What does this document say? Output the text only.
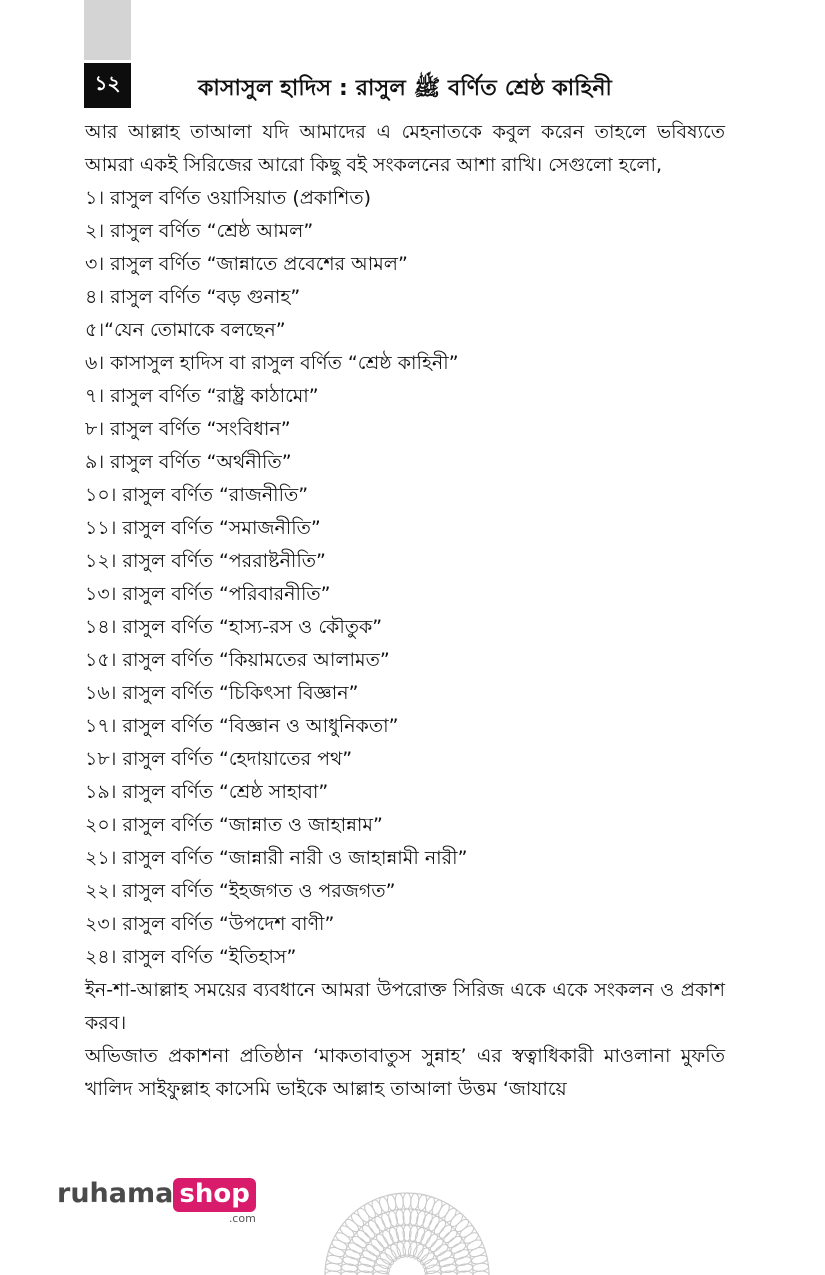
১২	কাসাসুল হাদিস : রাসুল ﷺ বর্ণিত শ্রেষ্ঠ কাহিনী

আর আল্লাহ তাআলা যদি আমাদের এ মেহনাতকে কবুল করেন তাহলে ভবিষ্যতে আমরা একই সিরিজের আরো কিছু বই সংকলনের আশা রাখি। সেগুলো হলো,

১। রাসুল বর্ণিত ওয়াসিয়াত (প্রকাশিত)
২। রাসুল বর্ণিত “শ্রেষ্ঠ আমল”
৩। রাসুল বর্ণিত “জান্নাতে প্রবেশের আমল”
৪। রাসুল বর্ণিত “বড় গুনাহ”
৫।“যেন তোমাকে বলছেন”
৬। কাসাসুল হাদিস বা রাসুল বর্ণিত “শ্রেষ্ঠ কাহিনী”
৭। রাসুল বর্ণিত “রাষ্ট্র কাঠামো”
৮। রাসুল বর্ণিত “সংবিধান”
৯। রাসুল বর্ণিত “অর্থনীতি”
১০। রাসুল বর্ণিত “রাজনীতি”
১১। রাসুল বর্ণিত “সমাজনীতি”
১২। রাসুল বর্ণিত “পররাষ্টনীতি”
১৩। রাসুল বর্ণিত “পরিবারনীতি”
১৪। রাসুল বর্ণিত “হাস্য-রস ও কৌতুক”
১৫। রাসুল বর্ণিত “কিয়ামতের আলামত”
১৬। রাসুল বর্ণিত “চিকিৎসা বিজ্ঞান”
১৭। রাসুল বর্ণিত “বিজ্ঞান ও আধুনিকতা”
১৮। রাসুল বর্ণিত “হেদায়াতের পথ”
১৯। রাসুল বর্ণিত “শ্রেষ্ঠ সাহাবা”
২০। রাসুল বর্ণিত “জান্নাত ও জাহান্নাম”
২১। রাসুল বর্ণিত “জান্নারী নারী ও জাহান্নামী নারী”
২২। রাসুল বর্ণিত “ইহজগত ও পরজগত”
২৩। রাসুল বর্ণিত “উপদেশ বাণী”
২৪। রাসুল বর্ণিত “ইতিহাস”

ইন-শা-আল্লাহ সময়ের ব্যবধানে আমরা উপরোক্ত সিরিজ একে একে সংকলন ও প্রকাশ করব।

অভিজাত প্রকাশনা প্রতিষ্ঠান ‘মাকতাবাতুস সুন্নাহ’ এর স্বত্বাধিকারী মাওলানা মুফতি খালিদ সাইফুল্লাহ কাসেমি ভাইকে আল্লাহ তাআলা উত্তম ‘জাযায়ে

ruhama shop
.com
